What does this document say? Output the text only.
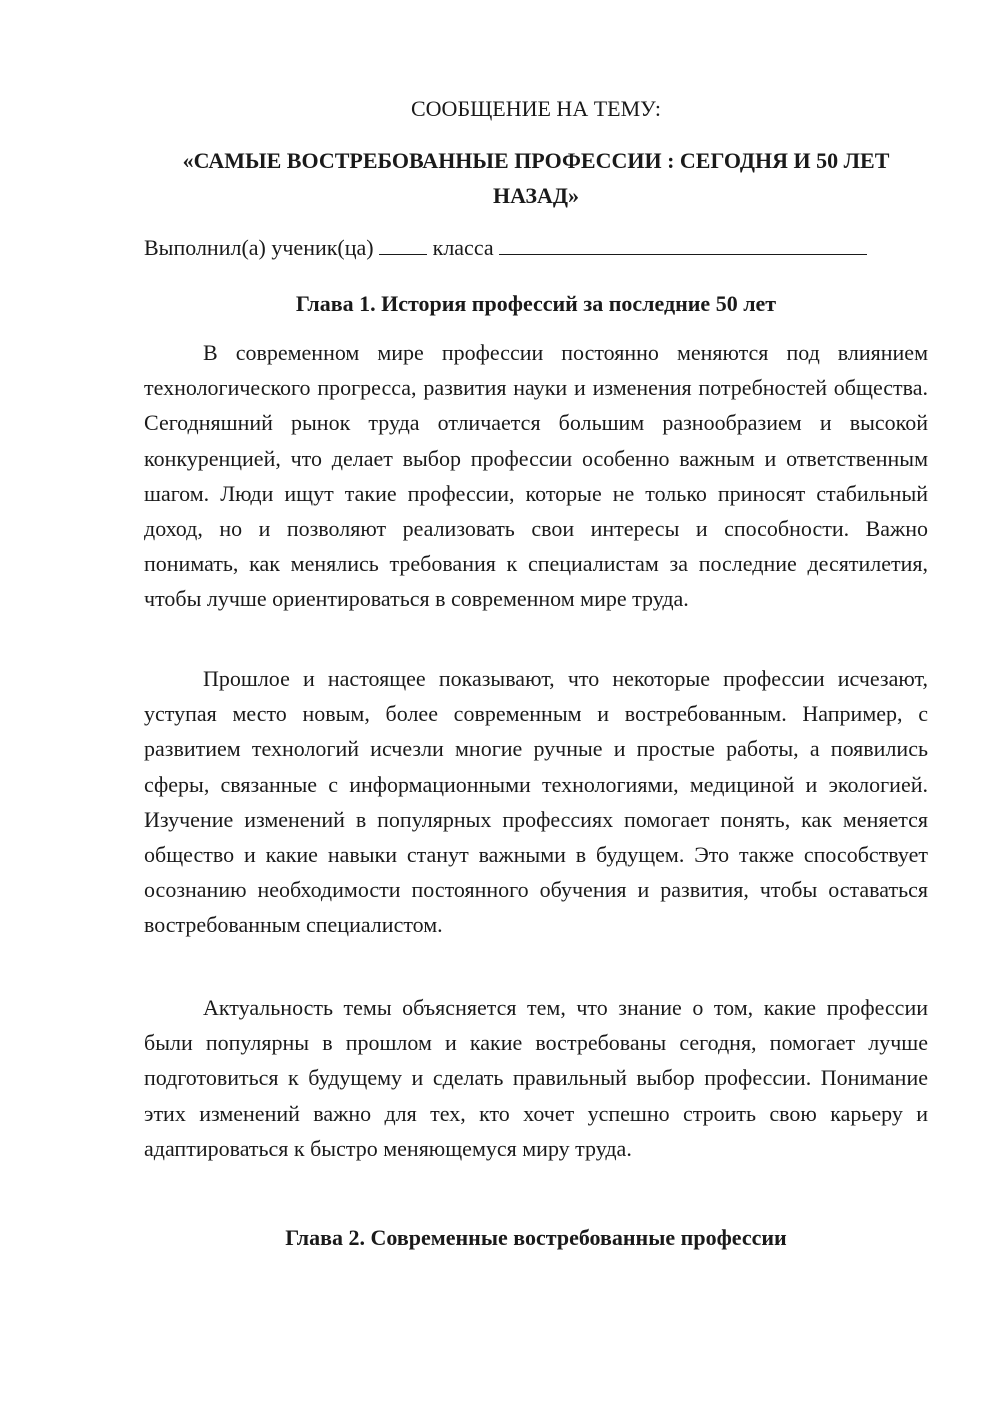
СООБЩЕНИЕ НА ТЕМУ:
«САМЫЕ ВОСТРЕБОВАННЫЕ ПРОФЕССИИ : СЕГОДНЯ И 50 ЛЕТ НАЗАД»
Выполнил(а) ученик(ца)	класса
Глава 1. История профессий за последние 50 лет

В современном мире профессии постоянно меняются под влиянием технологического прогресса, развития науки и изменения потребностей общества. Сегодняшний рынок труда отличается большим разнообразием и высокой конкуренцией, что делает выбор профессии особенно важным и ответственным шагом. Люди ищут такие профессии, которые не только приносят стабильный доход, но и позволяют реализовать свои интересы и способности. Важно понимать, как менялись требования к специалистам за последние десятилетия, чтобы лучше ориентироваться в современном мире труда.

Прошлое и настоящее показывают, что некоторые профессии исчезают, уступая место новым, более современным и востребованным. Например, с развитием технологий исчезли многие ручные и простые работы, а появились сферы, связанные с информационными технологиями, медициной и экологией. Изучение изменений в популярных профессиях помогает понять, как меняется общество и какие навыки станут важными в будущем. Это также способствует осознанию необходимости постоянного обучения и развития, чтобы оставаться востребованным специалистом.

Актуальность темы объясняется тем, что знание о том, какие профессии были популярны в прошлом и какие востребованы сегодня, помогает лучше подготовиться к будущему и сделать правильный выбор профессии. Понимание этих изменений важно для тех, кто хочет успешно строить свою карьеру и адаптироваться к быстро меняющемуся миру труда.

Глава 2. Современные востребованные профессии
